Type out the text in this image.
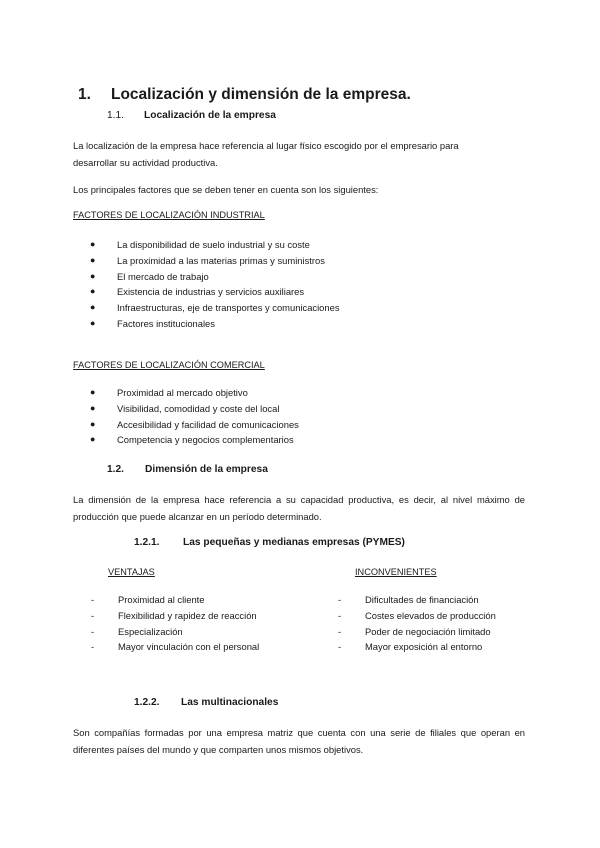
1. Localización y dimensión de la empresa.
1.1. Localización de la empresa
La localización de la empresa hace referencia al lugar físico escogido por el empresario para desarrollar su actividad productiva.
Los principales factores que se deben tener en cuenta son los siguientes:
FACTORES DE LOCALIZACIÓN INDUSTRIAL
● La disponibilidad de suelo industrial y su coste
● La proximidad a las materias primas y suministros
● El mercado de trabajo
● Existencia de industrias y servicios auxiliares
● Infraestructuras, eje de transportes y comunicaciones
● Factores institucionales
FACTORES DE LOCALIZACIÓN COMERCIAL
● Proximidad al mercado objetivo
● Visibilidad, comodidad y coste del local
● Accesibilidad y facilidad de comunicaciones
● Competencia y negocios complementarios
1.2. Dimensión de la empresa
La dimensión de la empresa hace referencia a su capacidad productiva, es decir, al nivel máximo de producción que puede alcanzar en un período determinado.
1.2.1. Las pequeñas y medianas empresas (PYMES)
VENTAJAS
-	Proximidad al cliente
-	Flexibilidad y rapidez de reacción
-	Especialización
-	Mayor vinculación con el personal
INCONVENIENTES
-	Dificultades de financiación
-	Costes elevados de producción
-	Poder de negociación limitado
-	Mayor exposición al entorno
1.2.2. Las multinacionales
Son compañías formadas por una empresa matriz que cuenta con una serie de filiales que operan en diferentes países del mundo y que comparten unos mismos objetivos.
